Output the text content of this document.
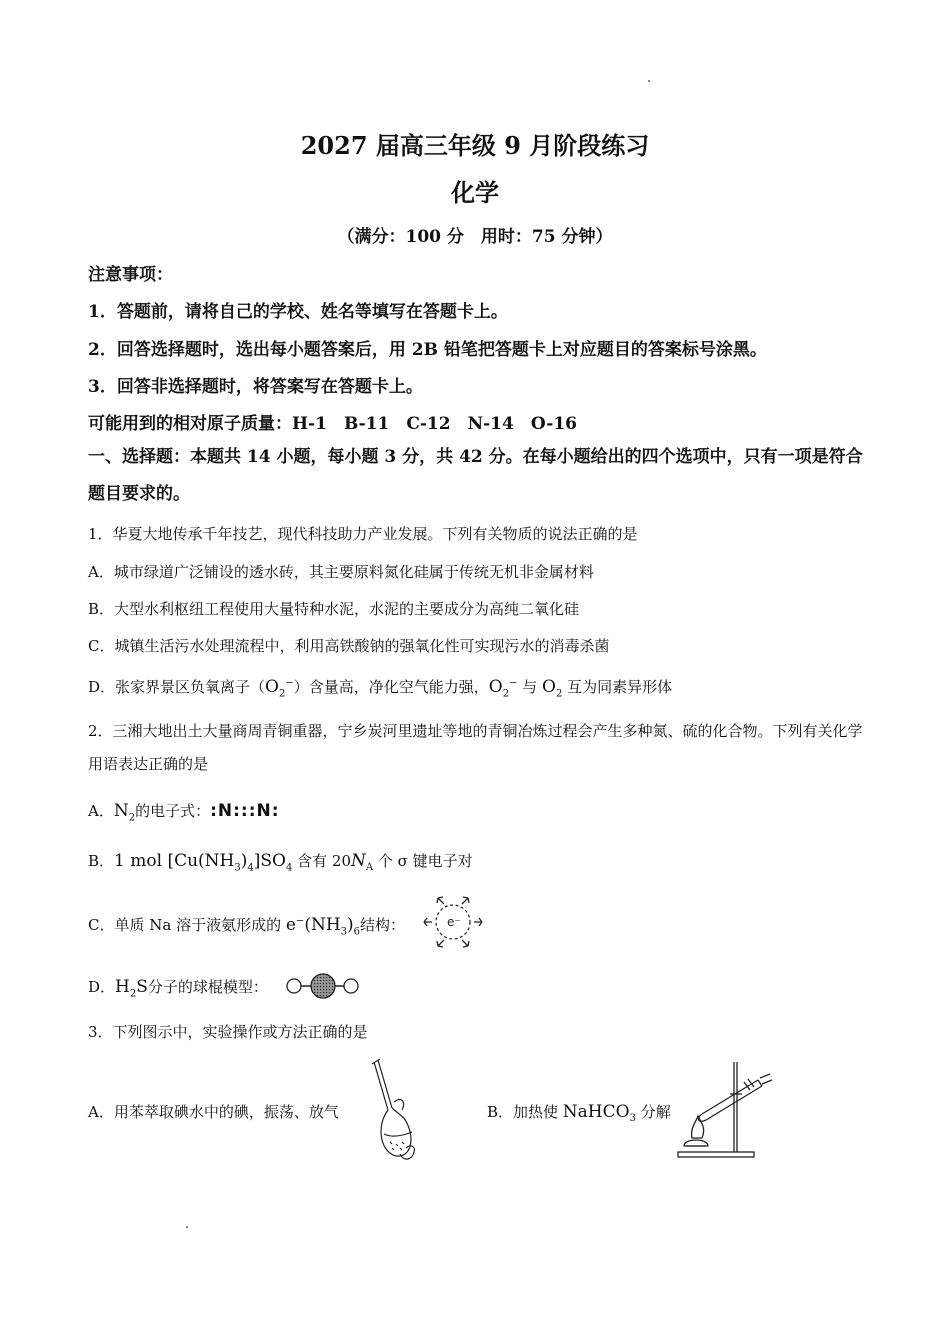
2027 届高三年级 9 月阶段练习
化学
（满分：100 分　用时：75 分钟）
注意事项：
1．答题前，请将自己的学校、姓名等填写在答题卡上。
2．回答选择题时，选出每小题答案后，用 2B 铅笔把答题卡上对应题目的答案标号涂黑。
3．回答非选择题时，将答案写在答题卡上。
可能用到的相对原子质量：H-1　B-11　C-12　N-14　O-16
一、选择题：本题共 14 小题，每小题 3 分，共 42 分。在每小题给出的四个选项中，只有一项是符合题目要求的。
1．华夏大地传承千年技艺，现代科技助力产业发展。下列有关物质的说法正确的是
A．城市绿道广泛铺设的透水砖，其主要原料氮化硅属于传统无机非金属材料
B．大型水利枢纽工程使用大量特种水泥，水泥的主要成分为高纯二氧化硅
C．城镇生活污水处理流程中，利用高铁酸钠的强氧化性可实现污水的消毒杀菌
D．张家界景区负氧离子$(O_2^-)$含量高，净化空气能力强，$O_2^-$ 与 $O_2$ 互为同素异形体
2．三湘大地出土大量商周青铜重器，宁乡炭河里遗址等地的青铜冶炼过程会产生多种氮、硫的化合物。下列有关化学用语表达正确的是
A．$N_2$的电子式：:N:::N:
B．1 mol $[Cu(NH_3)_4]SO_4$ 含有 $20N_A$ 个 σ 键电子对
C．单质 Na 溶于液氨形成的 $e^-(NH_3)_6$结构：	e⁻
D．$H_2S$分子的球棍模型：
3．下列图示中，实验操作或方法正确的是
A．用苯萃取碘水中的碘，振荡、放气	B．加热使 NaHCO$_3$ 分解
